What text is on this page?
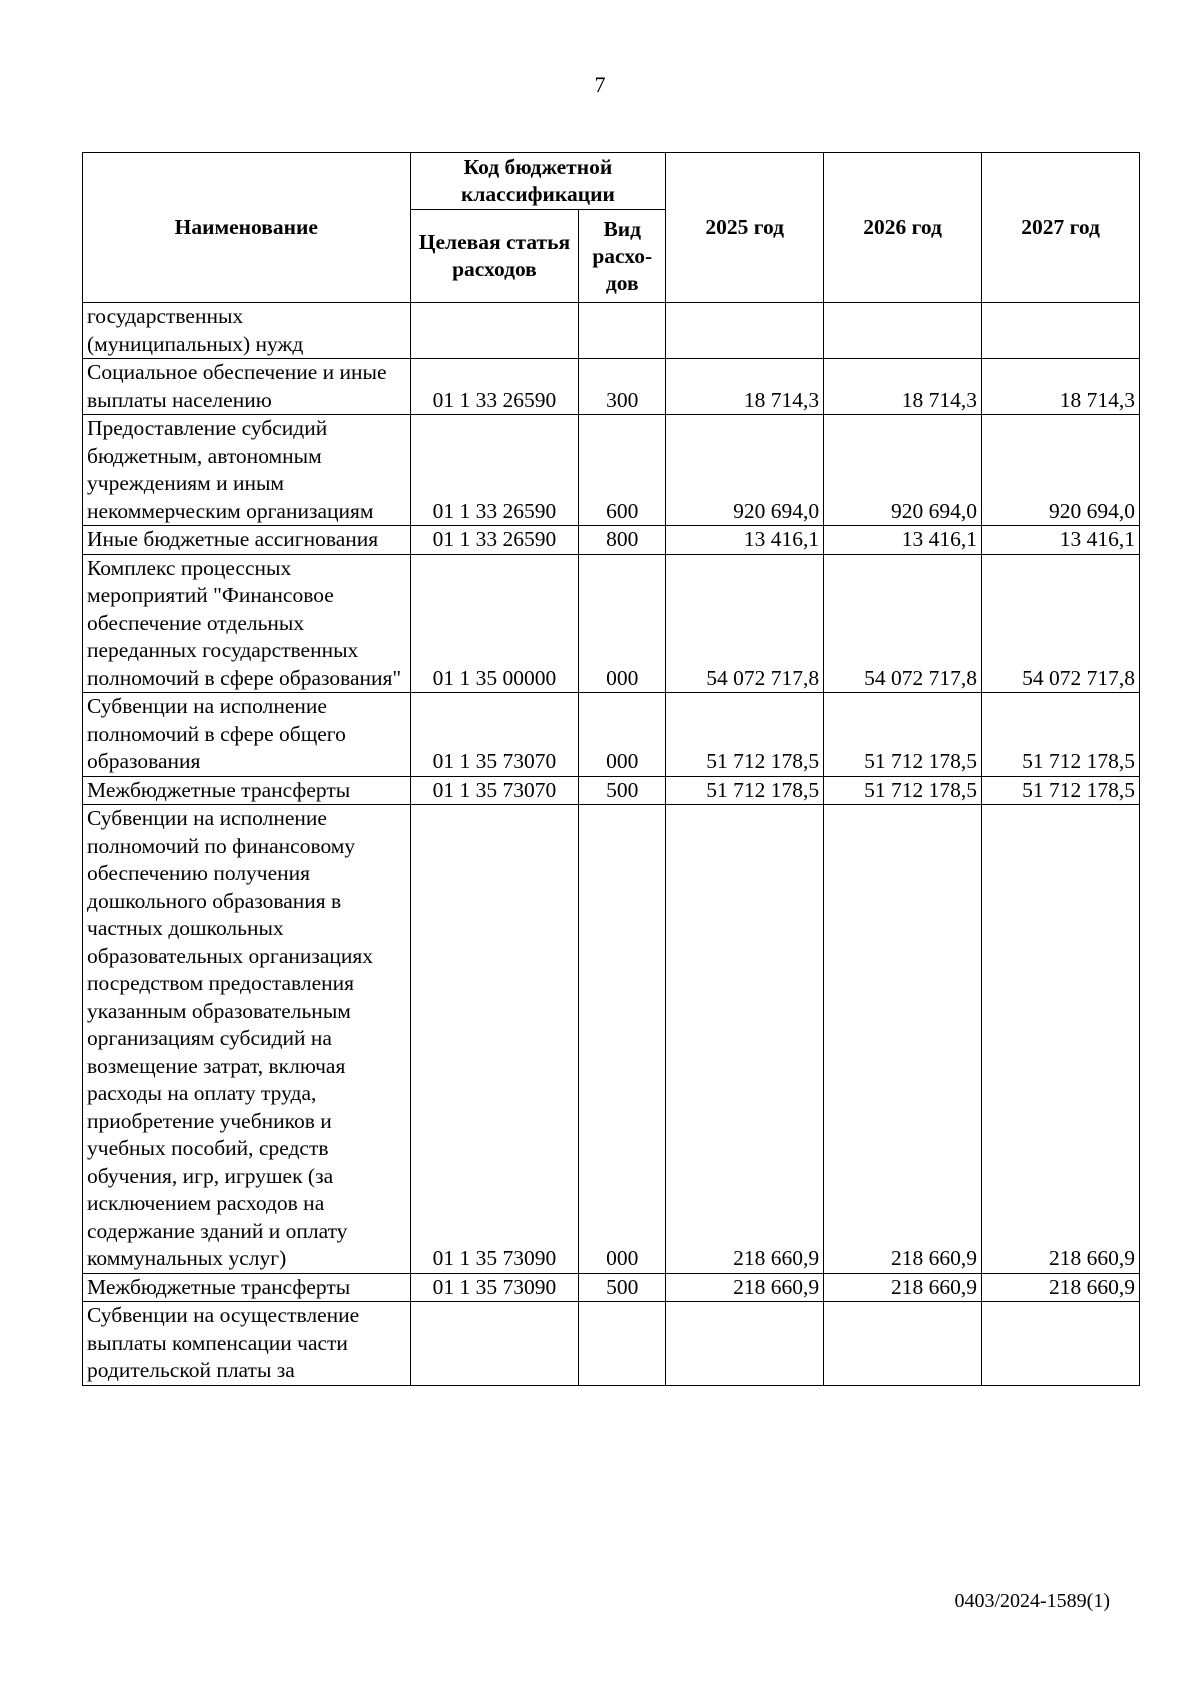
7
Наименование	Код бюджетной классификации		2025 год	2026 год	2027 год
	Целевая статья расходов	Вид расхо-дов			
государственных (муниципальных) нужд					
Социальное обеспечение и иные выплаты населению	01 1 33 26590	300	18 714,3	18 714,3	18 714,3
Предоставление субсидий бюджетным, автономным учреждениям и иным некоммерческим организациям	01 1 33 26590	600	920 694,0	920 694,0	920 694,0
Иные бюджетные ассигнования	01 1 33 26590	800	13 416,1	13 416,1	13 416,1
Комплекс процессных мероприятий "Финансовое обеспечение отдельных переданных государственных полномочий в сфере образования"	01 1 35 00000	000	54 072 717,8	54 072 717,8	54 072 717,8
Субвенции на исполнение полномочий в сфере общего образования	01 1 35 73070	000	51 712 178,5	51 712 178,5	51 712 178,5
Межбюджетные трансферты	01 1 35 73070	500	51 712 178,5	51 712 178,5	51 712 178,5
Субвенции на исполнение полномочий по финансовому обеспечению получения дошкольного образования в частных дошкольных образовательных организациях посредством предоставления указанным образовательным организациям субсидий на возмещение затрат, включая расходы на оплату труда, приобретение учебников и учебных пособий, средств обучения, игр, игрушек (за исключением расходов на содержание зданий и оплату коммунальных услуг)	01 1 35 73090	000	218 660,9	218 660,9	218 660,9
Межбюджетные трансферты	01 1 35 73090	500	218 660,9	218 660,9	218 660,9
Субвенции на осуществление выплаты компенсации части родительской платы за					
0403/2024-1589(1)
